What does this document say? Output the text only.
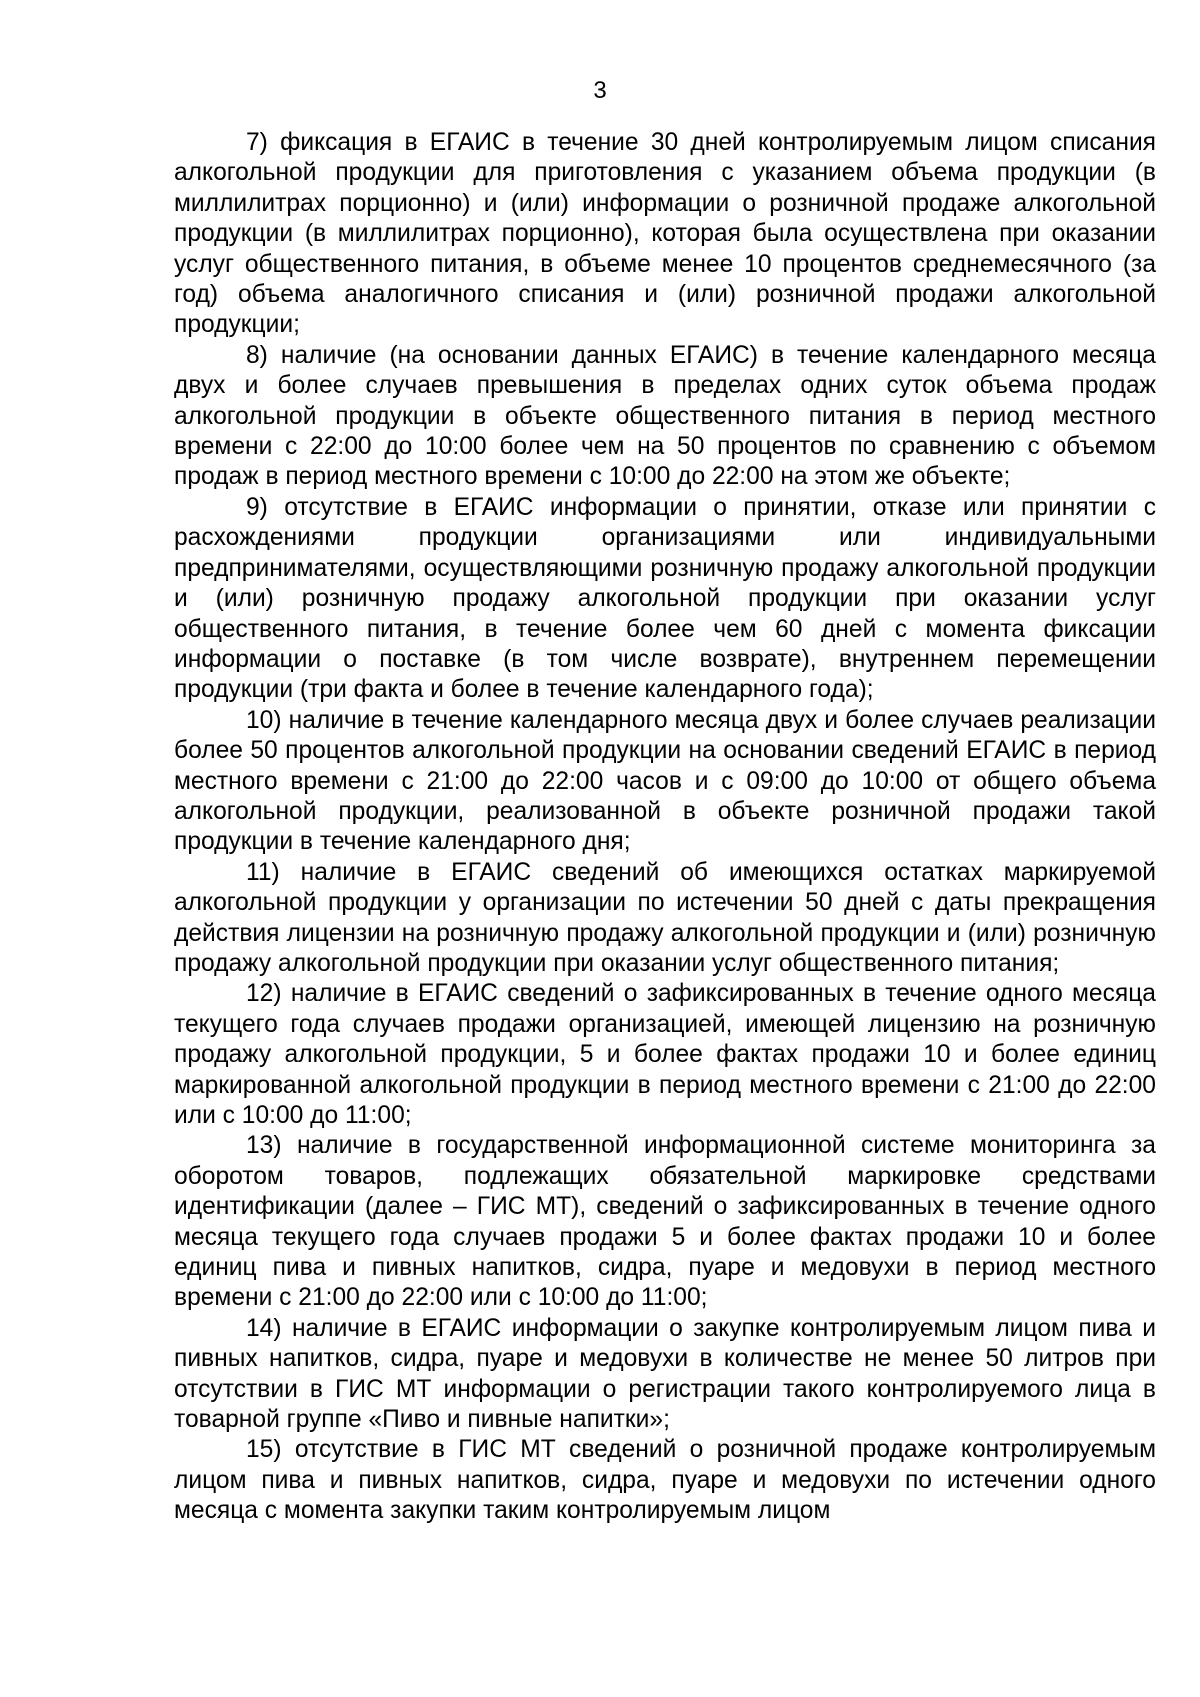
3

7) фиксация в ЕГАИС в течение 30 дней контролируемым лицом списания алкогольной продукции для приготовления с указанием объема продукции (в миллилитрах порционно) и (или) информации о розничной продаже алкогольной продукции (в миллилитрах порционно), которая была осуществлена при оказании услуг общественного питания, в объеме менее 10 процентов среднемесячного (за год) объема аналогичного списания и (или) розничной продажи алкогольной продукции;

8) наличие (на основании данных ЕГАИС) в течение календарного месяца двух и более случаев превышения в пределах одних суток объема продаж алкогольной продукции в объекте общественного питания в период местного времени с 22:00 до 10:00 более чем на 50 процентов по сравнению с объемом продаж в период местного времени с 10:00 до 22:00 на этом же объекте;

9) отсутствие в ЕГАИС информации о принятии, отказе или принятии с расхождениями продукции организациями или индивидуальными предпринимателями, осуществляющими розничную продажу алкогольной продукции и (или) розничную продажу алкогольной продукции при оказании услуг общественного питания, в течение более чем 60 дней с момента фиксации информации о поставке (в том числе возврате), внутреннем перемещении продукции (три факта и более в течение календарного года);

10) наличие в течение календарного месяца двух и более случаев реализации более 50 процентов алкогольной продукции на основании сведений ЕГАИС в период местного времени с 21:00 до 22:00 часов и с 09:00 до 10:00 от общего объема алкогольной продукции, реализованной в объекте розничной продажи такой продукции в течение календарного дня;

11) наличие в ЕГАИС сведений об имеющихся остатках маркируемой алкогольной продукции у организации по истечении 50 дней с даты прекращения действия лицензии на розничную продажу алкогольной продукции и (или) розничную продажу алкогольной продукции при оказании услуг общественного питания;

12) наличие в ЕГАИС сведений о зафиксированных в течение одного месяца текущего года случаев продажи организацией, имеющей лицензию на розничную продажу алкогольной продукции, 5 и более фактах продажи 10 и более единиц маркированной алкогольной продукции в период местного времени с 21:00 до 22:00 или с 10:00 до 11:00;

13) наличие в государственной информационной системе мониторинга за оборотом товаров, подлежащих обязательной маркировке средствами идентификации (далее – ГИС МТ), сведений о зафиксированных в течение одного месяца текущего года случаев продажи 5 и более фактах продажи 10 и более единиц пива и пивных напитков, сидра, пуаре и медовухи в период местного времени с 21:00 до 22:00 или с 10:00 до 11:00;

14) наличие в ЕГАИС информации о закупке контролируемым лицом пива и пивных напитков, сидра, пуаре и медовухи в количестве не менее 50 литров при отсутствии в ГИС МТ информации о регистрации такого контролируемого лица в товарной группе «Пиво и пивные напитки»;

15) отсутствие в ГИС МТ сведений о розничной продаже контролируемым лицом пива и пивных напитков, сидра, пуаре и медовухи по истечении одного месяца с момента закупки таким контролируемым лицом
